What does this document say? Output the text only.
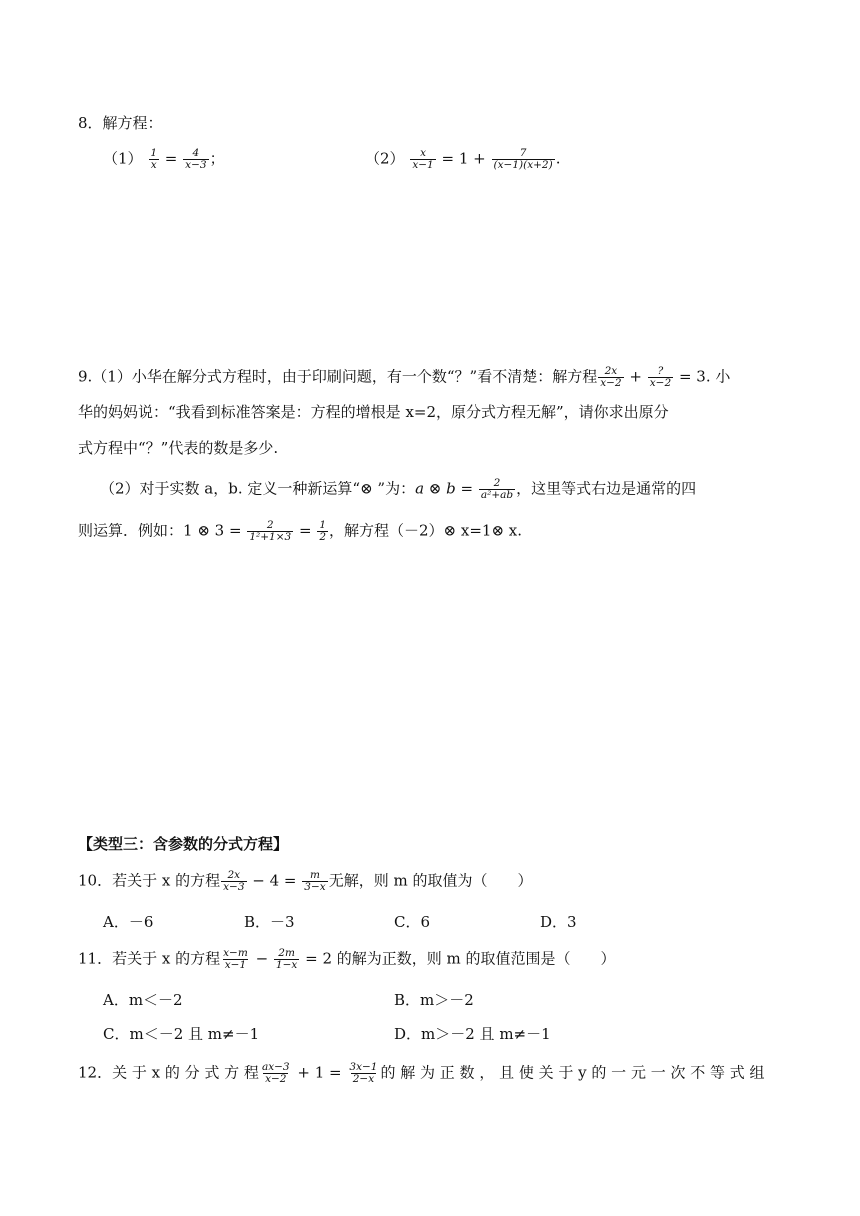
8．解方程：
$(1) \frac{1}{x} = \frac{4}{x-3}$ ；	$(2) \frac{x}{x-1} = 1 + \frac{7}{(x-1)(x+2)}$ .
9.（1）小华在解分式方程时，由于印刷问题，有一个数“？”看不清楚：解方程 $\frac{2x}{x-2} + \frac{?}{x-2} = 3$. 小
华的妈妈说：“我看到标准答案是：方程的增根是 x=2，原分式方程无解”，请你求出原分
式方程中“？”代表的数是多少.
（2）对于实数 a，b. 定义一种新运算“⊗ ”为：a ⊗ $b = \frac{2}{\text{a²+ab}}$ ，这里等式右边是通常的四
则运算．例如：1 ⊗ $3 = \frac{2}{\text{1²+1×3}} = \frac{1}{2}$ ，解方程（－2）⊗ x=1⊗ x.
【类型三：含参数的分式方程】
10．若关于 x 的方程 $\frac{2x}{x-3} - 4 = \frac{m}{3-x}$ 无解，则 m 的取值为（　　）
A．－6	B．－3	C．6	D．3
11．若关于 x 的方程 $\frac{x-m}{x-1} - \frac{2m}{1-x} = 2$ 的解为正数，则 m 的取值范围是（　　）
A．m＜－2	B．m＞－2
C．m＜－2 且 m≠－1	D．m＞－2 且 m≠－1
12．关 于 x 的 分 式 方 程 $\frac{ax-3}{x-2} + 1 = \frac{3x-1}{2-x}$ 的 解 为 正 数 ， 且 使 关 于 y 的 一 元 一 次 不 等 式 组
